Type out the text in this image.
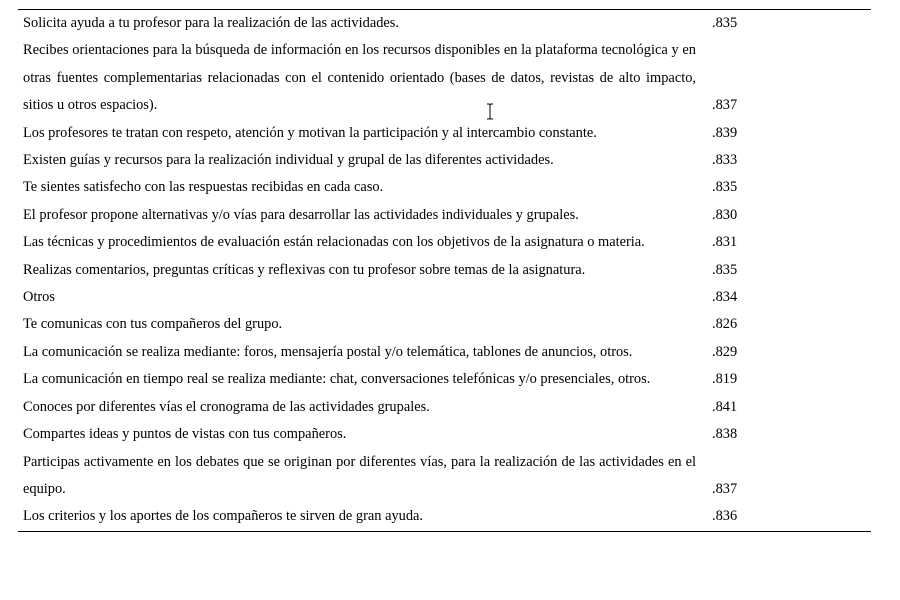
Solicita ayuda a tu profesor para la realización de las actividades.	.835
Recibes orientaciones para la búsqueda de información en los recursos disponibles en la plataforma tecnológica y en otras fuentes complementarias relacionadas con el contenido orientado (bases de datos, revistas de alto impacto, sitios u otros espacios).	.837
Los profesores te tratan con respeto, atención y motivan la participación y al intercambio constante.	.839
Existen guías y recursos para la realización individual y grupal de las diferentes actividades.	.833
Te sientes satisfecho con las respuestas recibidas en cada caso.	.835
El profesor propone alternativas y/o vías para desarrollar las actividades individuales y grupales.	.830
Las técnicas y procedimientos de evaluación están relacionadas con los objetivos de la asignatura o materia.	.831
Realizas comentarios, preguntas críticas y reflexivas con tu profesor sobre temas de la asignatura.	.835
Otros	.834
Te comunicas con tus compañeros del grupo.	.826
La comunicación se realiza mediante: foros, mensajería postal y/o telemática, tablones de anuncios, otros.	.829
La comunicación en tiempo real se realiza mediante: chat, conversaciones telefónicas y/o presenciales, otros.	.819
Conoces por diferentes vías el cronograma de las actividades grupales.	.841
Compartes ideas y puntos de vistas con tus compañeros.	.838
Participas activamente en los debates que se originan por diferentes vías, para la realización de las actividades en el equipo.	.837
Los criterios y los aportes de los compañeros te sirven de gran ayuda.	.836
